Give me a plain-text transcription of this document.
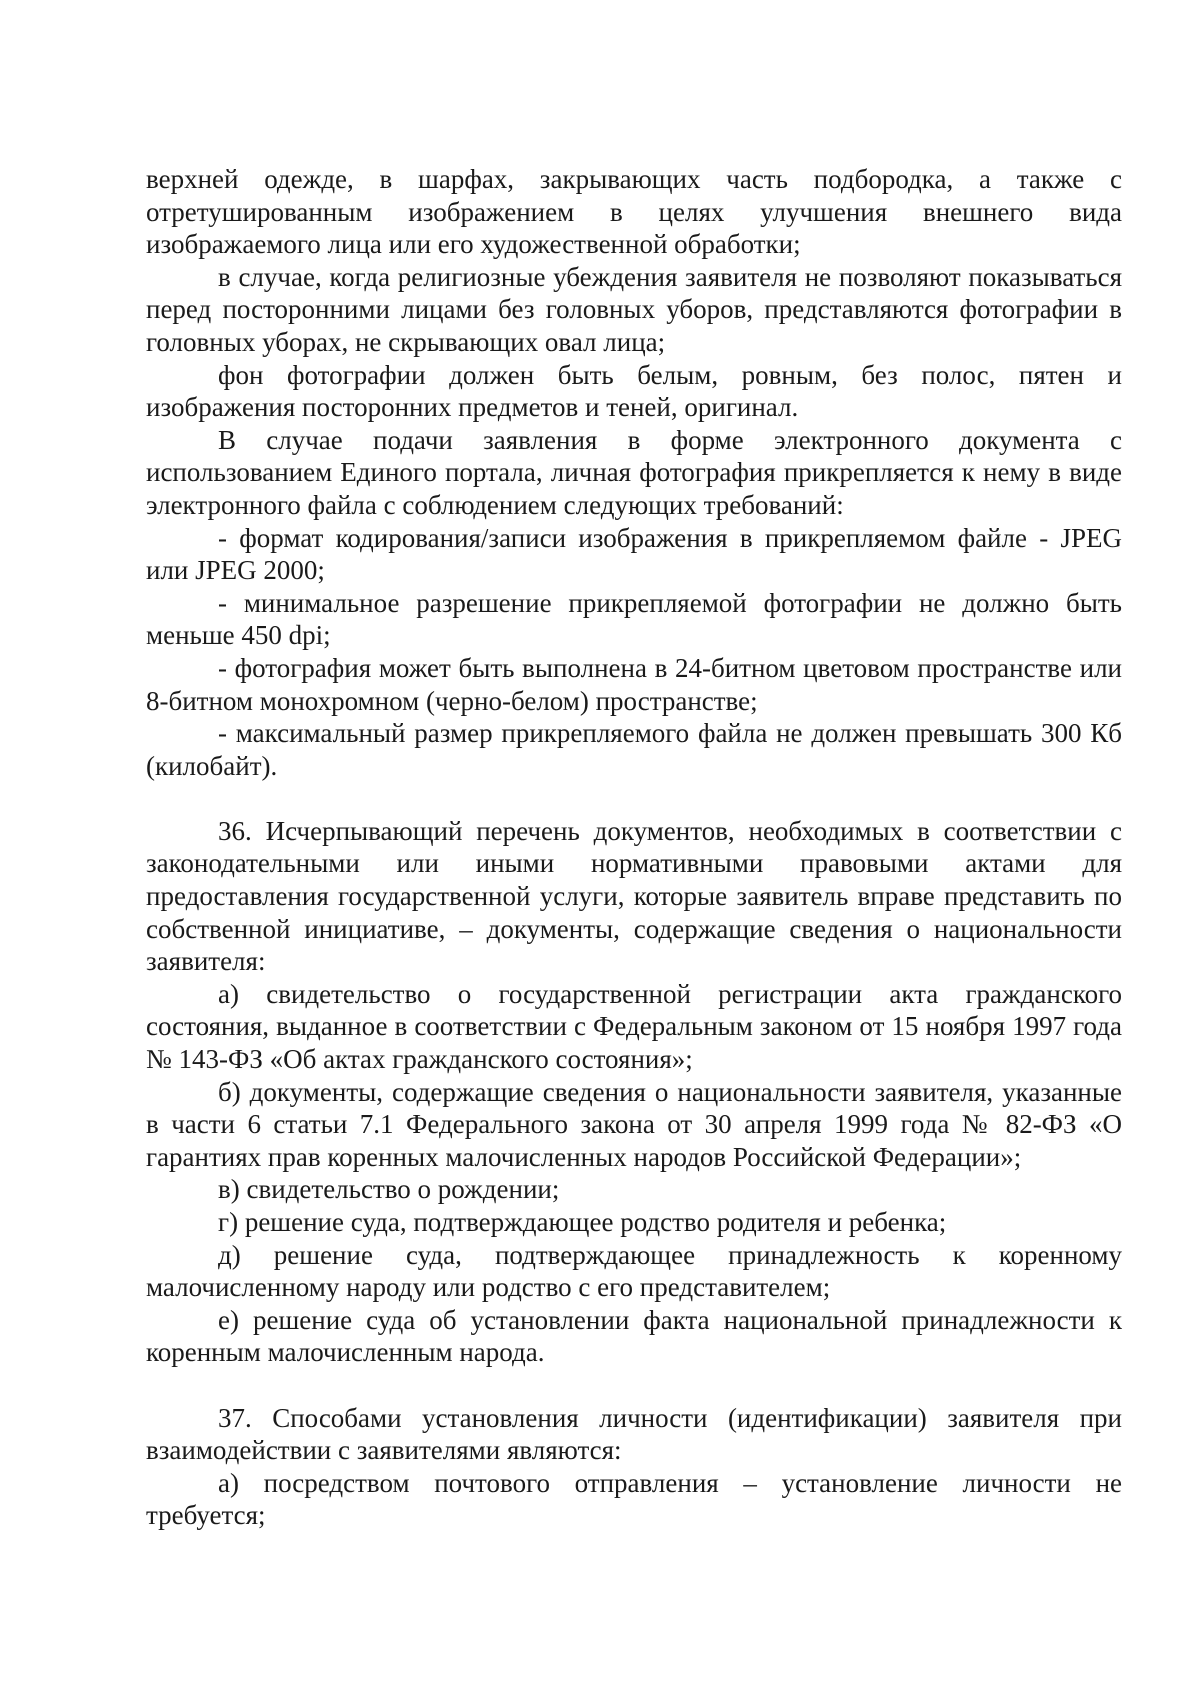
верхней одежде, в шарфах, закрывающих часть подбородка, а также с отретушированным изображением в целях улучшения внешнего вида изображаемого лица или его художественной обработки;

в случае, когда религиозные убеждения заявителя не позволяют показываться перед посторонними лицами без головных уборов, представляются фотографии в головных уборах, не скрывающих овал лица;

фон фотографии должен быть белым, ровным, без полос, пятен и изображения посторонних предметов и теней, оригинал.

В случае подачи заявления в форме электронного документа с использованием Единого портала, личная фотография прикрепляется к нему в виде электронного файла с соблюдением следующих требований:

- формат кодирования/записи изображения в прикрепляемом файле - JPEG или JPEG 2000;

- минимальное разрешение прикрепляемой фотографии не должно быть меньше 450 dpi;

- фотография может быть выполнена в 24-битном цветовом пространстве или 8-битном монохромном (черно-белом) пространстве;

- максимальный размер прикрепляемого файла не должен превышать 300 Кб (килобайт).

36. Исчерпывающий перечень документов, необходимых в соответствии с законодательными или иными нормативными правовыми актами для предоставления государственной услуги, которые заявитель вправе представить по собственной инициативе, – документы, содержащие сведения о национальности заявителя:

а) свидетельство о государственной регистрации акта гражданского состояния, выданное в соответствии с Федеральным законом от 15 ноября 1997 года № 143-ФЗ «Об актах гражданского состояния»;

б) документы, содержащие сведения о национальности заявителя, указанные в части 6 статьи 7.1 Федерального закона от 30 апреля 1999 года № 82-ФЗ «О гарантиях прав коренных малочисленных народов Российской Федерации»;

в) свидетельство о рождении;

г) решение суда, подтверждающее родство родителя и ребенка;

д) решение суда, подтверждающее принадлежность к коренному малочисленному народу или родство с его представителем;

е) решение суда об установлении факта национальной принадлежности к коренным малочисленным народа.

37. Способами установления личности (идентификации) заявителя при взаимодействии с заявителями являются:

а) посредством почтового отправления – установление личности не требуется;
